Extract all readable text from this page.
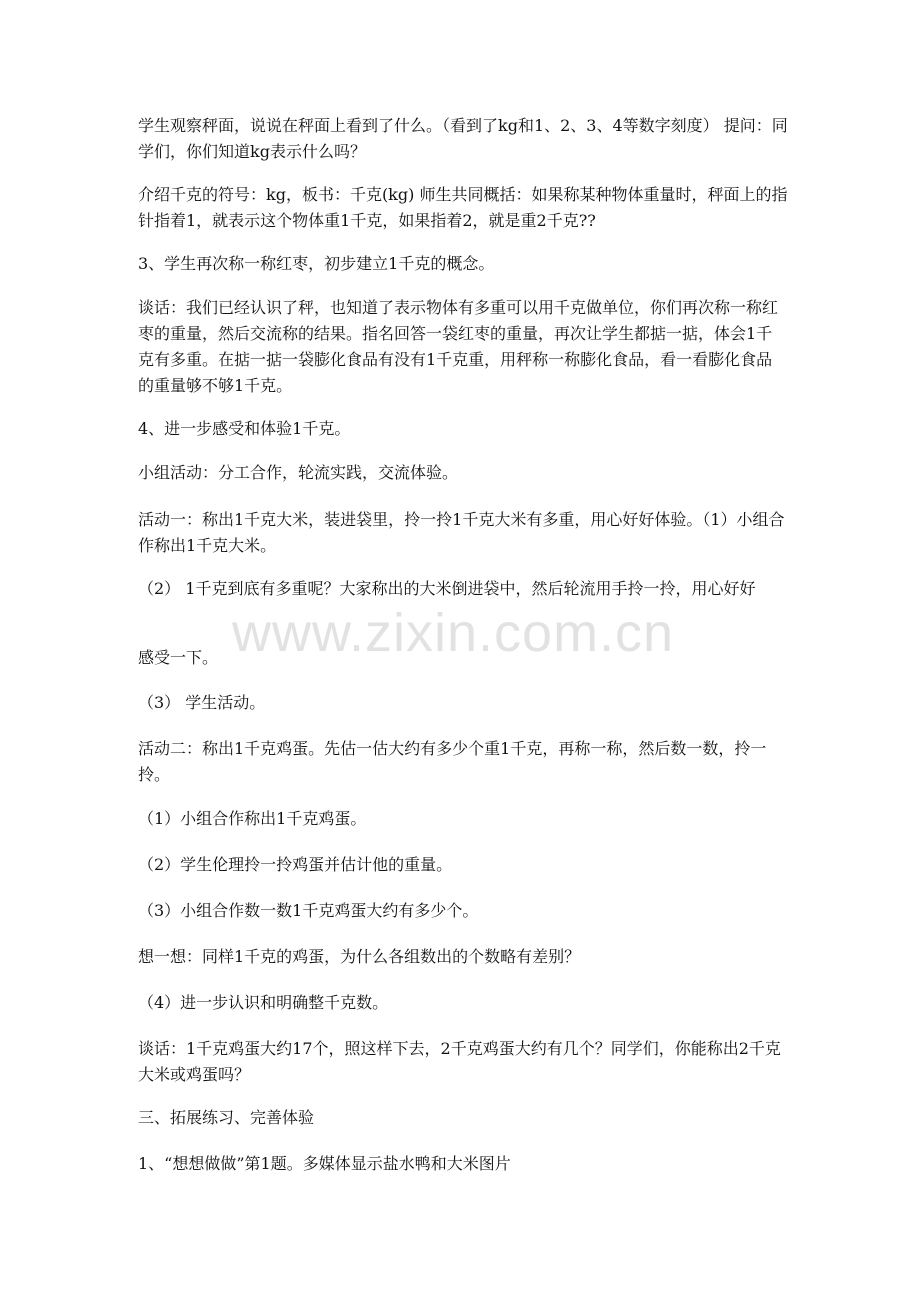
学生观察秤面，说说在秤面上看到了什么。（看到了kg和1、2、3、4等数字刻度） 提问：同学们，你们知道kg表示什么吗？

介绍千克的符号：kg，板书：千克(kg) 师生共同概括：如果称某种物体重量时，秤面上的指针指着1，就表示这个物体重1千克，如果指着2，就是重2千克??

3、学生再次称一称红枣，初步建立1千克的概念。

谈话：我们已经认识了秤，也知道了表示物体有多重可以用千克做单位，你们再次称一称红枣的重量，然后交流称的结果。指名回答一袋红枣的重量，再次让学生都掂一掂，体会1千克有多重。在掂一掂一袋膨化食品有没有1千克重，用秤称一称膨化食品，看一看膨化食品的重量够不够1千克。

4、进一步感受和体验1千克。

小组活动：分工合作，轮流实践，交流体验。

活动一：称出1千克大米，装进袋里，拎一拎1千克大米有多重，用心好好体验。（1）小组合作称出1千克大米。

（2） 1千克到底有多重呢？大家称出的大米倒进袋中，然后轮流用手拎一拎，用心好好

感受一下。

（3） 学生活动。

活动二：称出1千克鸡蛋。先估一估大约有多少个重1千克，再称一称，然后数一数，拎一拎。

（1）小组合作称出1千克鸡蛋。

（2）学生伦理拎一拎鸡蛋并估计他的重量。

（3）小组合作数一数1千克鸡蛋大约有多少个。

想一想：同样1千克的鸡蛋，为什么各组数出的个数略有差别？

（4）进一步认识和明确整千克数。

谈话：1千克鸡蛋大约17个，照这样下去，2千克鸡蛋大约有几个？同学们，你能称出2千克大米或鸡蛋吗？

三、拓展练习、完善体验

1、“想想做做”第1题。多媒体显示盐水鸭和大米图片

www.zixin.com.cn
